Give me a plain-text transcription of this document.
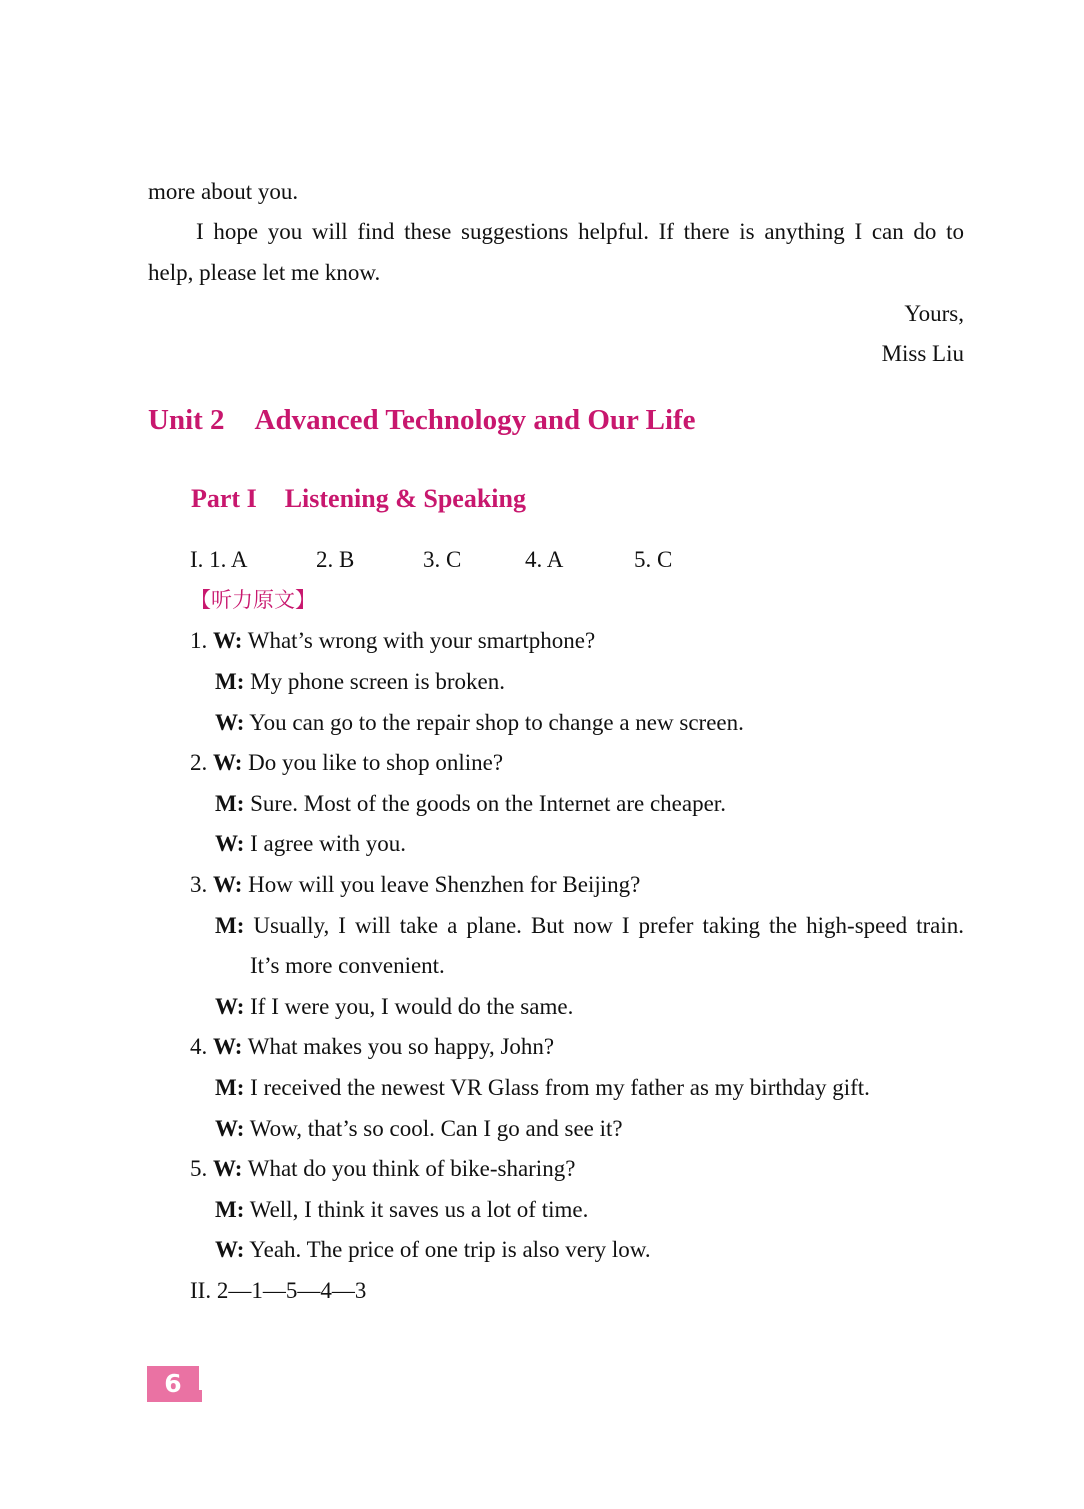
more about you.
I hope you will find these suggestions helpful. If there is anything I can do to
help, please let me know.
Yours,
Miss Liu
Unit 2 Advanced Technology and Our Life
Part I Listening & Speaking
I. 1. A	2. B	3. C	4. A	5. C
【听力原文】
1. W: What’s wrong with your smartphone?
M: My phone screen is broken.
W: You can go to the repair shop to change a new screen.
2. W: Do you like to shop online?
M: Sure. Most of the goods on the Internet are cheaper.
W: I agree with you.
3. W: How will you leave Shenzhen for Beijing?
M: Usually, I will take a plane. But now I prefer taking the high-speed train.
It’s more convenient.
W: If I were you, I would do the same.
4. W: What makes you so happy, John?
M: I received the newest VR Glass from my father as my birthday gift.
W: Wow, that’s so cool. Can I go and see it?
5. W: What do you think of bike-sharing?
M: Well, I think it saves us a lot of time.
W: Yeah. The price of one trip is also very low.
II. 2—1—5—4—3
6
